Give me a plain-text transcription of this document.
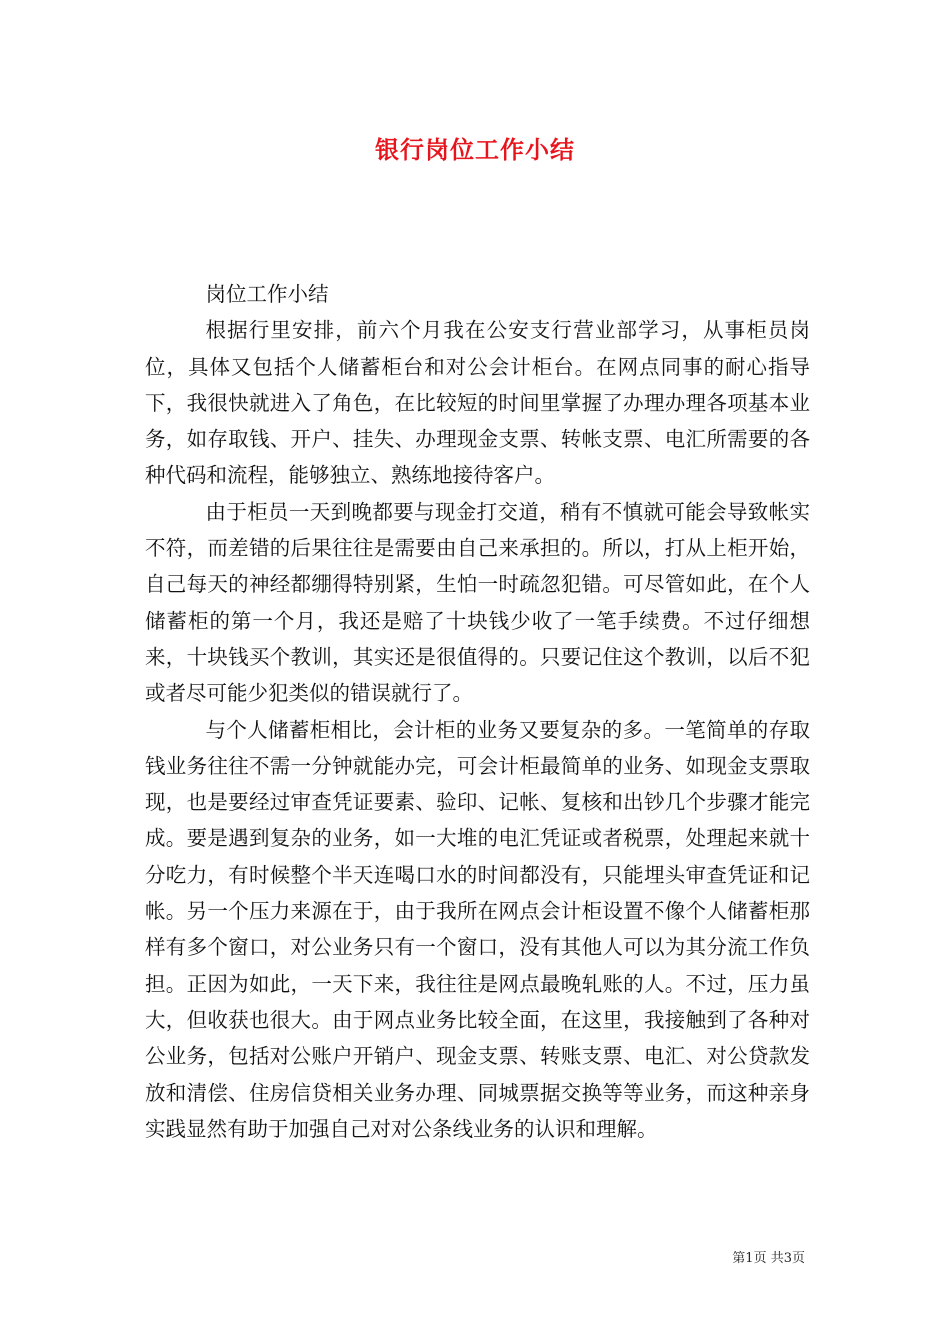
银行岗位工作小结

岗位工作小结

根据行里安排，前六个月我在公安支行营业部学习，从事柜员岗位，具体又包括个人储蓄柜台和对公会计柜台。在网点同事的耐心指导下，我很快就进入了角色，在比较短的时间里掌握了办理办理各项基本业务，如存取钱、开户、挂失、办理现金支票、转帐支票、电汇所需要的各种代码和流程，能够独立、熟练地接待客户。

由于柜员一天到晚都要与现金打交道，稍有不慎就可能会导致帐实不符，而差错的后果往往是需要由自己来承担的。所以，打从上柜开始，自己每天的神经都绷得特别紧，生怕一时疏忽犯错。可尽管如此，在个人储蓄柜的第一个月，我还是赔了十块钱少收了一笔手续费。不过仔细想来，十块钱买个教训，其实还是很值得的。只要记住这个教训，以后不犯或者尽可能少犯类似的错误就行了。

与个人储蓄柜相比，会计柜的业务又要复杂的多。一笔简单的存取钱业务往往不需一分钟就能办完，可会计柜最简单的业务、如现金支票取现，也是要经过审查凭证要素、验印、记帐、复核和出钞几个步骤才能完成。要是遇到复杂的业务，如一大堆的电汇凭证或者税票，处理起来就十分吃力，有时候整个半天连喝口水的时间都没有，只能埋头审查凭证和记帐。另一个压力来源在于，由于我所在网点会计柜设置不像个人储蓄柜那样有多个窗口，对公业务只有一个窗口，没有其他人可以为其分流工作负担。正因为如此，一天下来，我往往是网点最晚轧账的人。不过，压力虽大，但收获也很大。由于网点业务比较全面，在这里，我接触到了各种对公业务，包括对公账户开销户、现金支票、转账支票、电汇、对公贷款发放和清偿、住房信贷相关业务办理、同城票据交换等等业务，而这种亲身实践显然有助于加强自己对对公条线业务的认识和理解。

第1页 共3页
